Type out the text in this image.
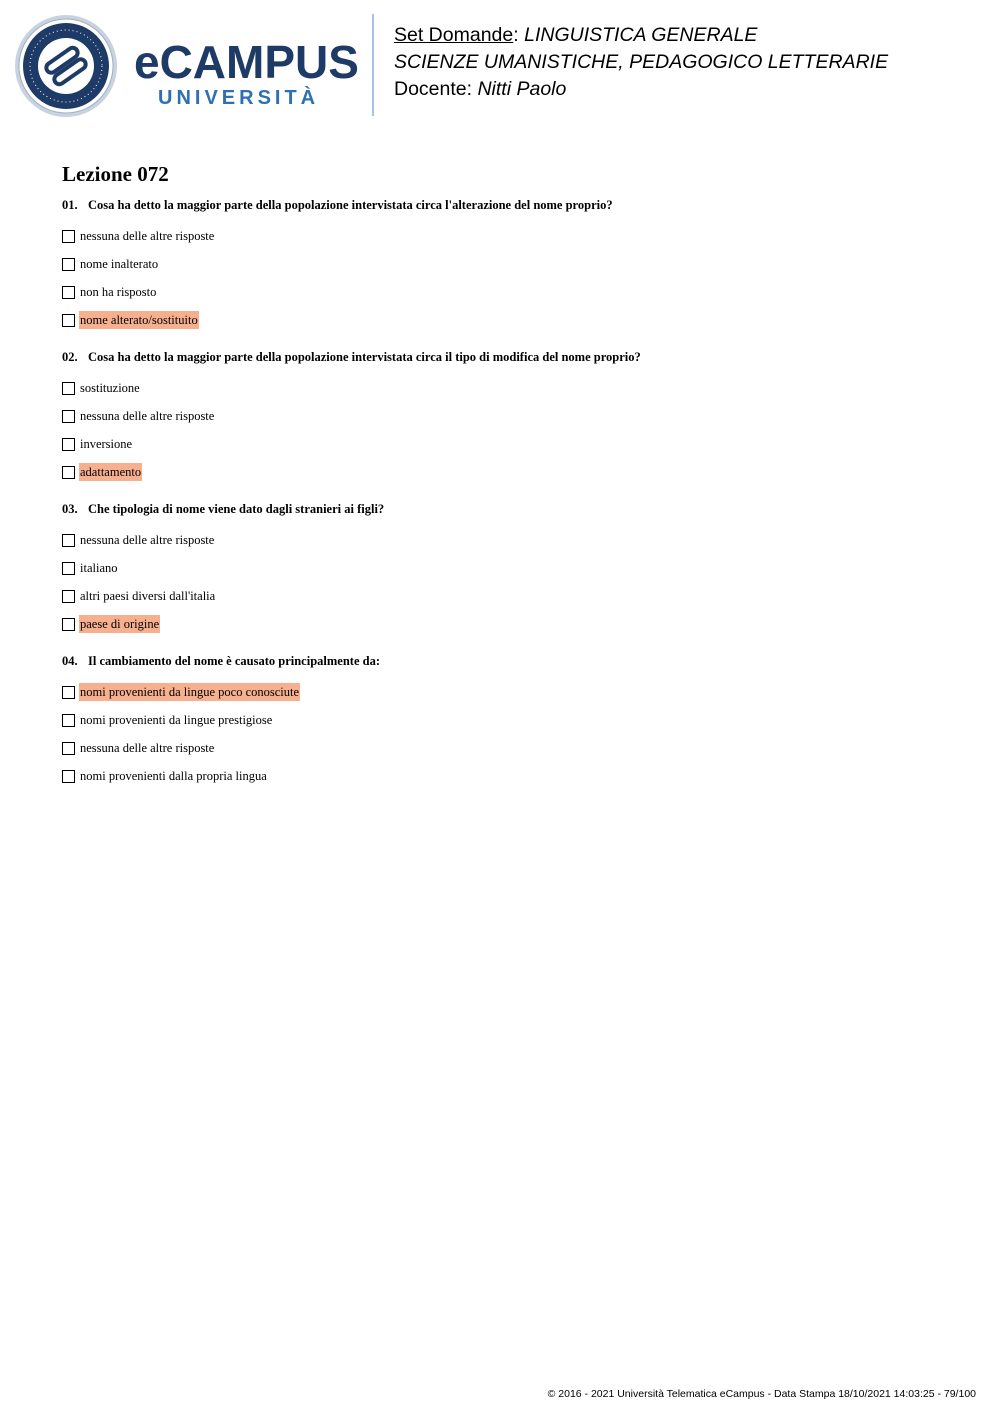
eCAMPUS
UNIVERSITÀ
Set Domande: LINGUISTICA GENERALE
SCIENZE UMANISTICHE, PEDAGOGICO LETTERARIE
Docente: Nitti Paolo
Lezione 072
01. Cosa ha detto la maggior parte della popolazione intervistata circa l'alterazione del nome proprio?
nessuna delle altre risposte
nome inalterato
non ha risposto
nome alterato/sostituito
02. Cosa ha detto la maggior parte della popolazione intervistata circa il tipo di modifica del nome proprio?
sostituzione
nessuna delle altre risposte
inversione
adattamento
03. Che tipologia di nome viene dato dagli stranieri ai figli?
nessuna delle altre risposte
italiano
altri paesi diversi dall'italia
paese di origine
04. Il cambiamento del nome è causato principalmente da:
nomi provenienti da lingue poco conosciute
nomi provenienti da lingue prestigiose
nessuna delle altre risposte
nomi provenienti dalla propria lingua
© 2016 - 2021 Università Telematica eCampus - Data Stampa 18/10/2021 14:03:25 - 79/100
